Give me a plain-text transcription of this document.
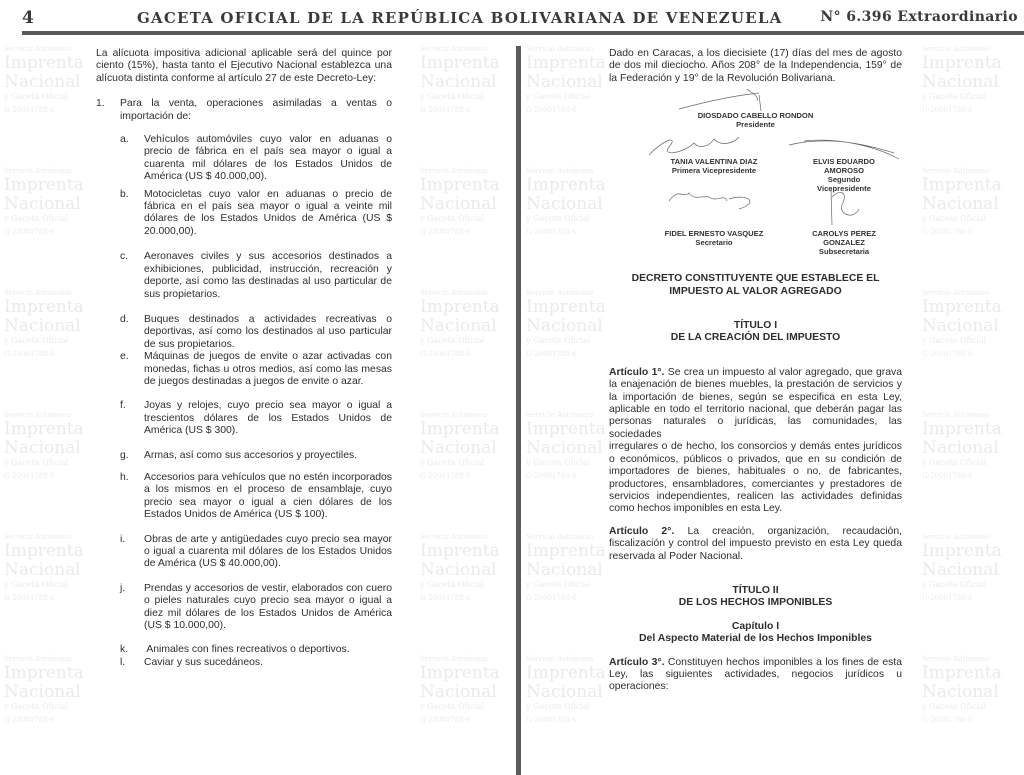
Servicio Autónomo
Imprenta
Nacional
y Gaceta Oficial
G-20001788-6
Servicio Autónomo
Imprenta
Nacional
y Gaceta Oficial
G-20001788-6
Servicio Autónomo
Imprenta
Nacional
y Gaceta Oficial
G-20001788-6
Servicio Autónomo
Imprenta
Nacional
y Gaceta Oficial
G-20001788-6
Servicio Autónomo
Imprenta
Nacional
y Gaceta Oficial
G-20001788-6
Servicio Autónomo
Imprenta
Nacional
y Gaceta Oficial
G-20001788-6
Servicio Autónomo
Imprenta
Nacional
y Gaceta Oficial
G-20001788-6
Servicio Autónomo
Imprenta
Nacional
y Gaceta Oficial
G-20001788-6
Servicio Autónomo
Imprenta
Nacional
y Gaceta Oficial
G-20001788-6
Servicio Autónomo
Imprenta
Nacional
y Gaceta Oficial
G-20001788-6
Servicio Autónomo
Imprenta
Nacional
y Gaceta Oficial
G-20001788-6
Servicio Autónomo
Imprenta
Nacional
y Gaceta Oficial
G-20001788-6
Servicio Autónomo
Imprenta
Nacional
y Gaceta Oficial
G-20001788-6
Servicio Autónomo
Imprenta
Nacional
y Gaceta Oficial
G-20001788-6
Servicio Autónomo
Imprenta
Nacional
y Gaceta Oficial
G-20001788-6
Servicio Autónomo
Imprenta
Nacional
y Gaceta Oficial
G-20001788-6
Servicio Autónomo
Imprenta
Nacional
y Gaceta Oficial
G-20001788-6
Servicio Autónomo
Imprenta
Nacional
y Gaceta Oficial
G-20001788-6
Servicio Autónomo
Imprenta
Nacional
y Gaceta Oficial
G-20001788-6
Servicio Autónomo
Imprenta
Nacional
y Gaceta Oficial
G-20001788-6
Servicio Autónomo
Imprenta
Nacional
y Gaceta Oficial
G-20001788-6
Servicio Autónomo
Imprenta
Nacional
y Gaceta Oficial
G-20001788-6
Servicio Autónomo
Imprenta
Nacional
y Gaceta Oficial
G-20001788-6
Servicio Autónomo
Imprenta
Nacional
y Gaceta Oficial
G-20001788-6
4	GACETA OFICIAL DE LA REPÚBLICA BOLIVARIANA DE VENEZUELA	N° 6.396 Extraordinario

La alícuota impositiva adicional aplicable será del quince por ciento (15%), hasta tanto el Ejecutivo Nacional establezca una alícuota distinta conforme al artículo 27 de este Decreto-Ley:

1. Para la venta, operaciones asimiladas a ventas o importación de:
a. Vehículos automóviles cuyo valor en aduanas o precio de fábrica en el país sea mayor o igual a cuarenta mil dólares de los Estados Unidos de América (US $ 40.000,00).
b. Motocicletas cuyo valor en aduanas o precio de fábrica en el país sea mayor o igual a veinte mil dólares de los Estados Unidos de América (US $ 20.000,00).
c. Aeronaves civiles y sus accesorios destinados a exhibiciones, publicidad, instrucción, recreación y deporte, así como las destinadas al uso particular de sus propietarios.
d. Buques destinados a actividades recreativas o deportivas, así como los destinados al uso particular de sus propietarios.
e. Máquinas de juegos de envite o azar activadas con monedas, fichas u otros medios, así como las mesas de juegos destinadas a juegos de envite o azar.
f. Joyas y relojes, cuyo precio sea mayor o igual a trescientos dólares de los Estados Unidos de América (US $ 300).
g. Armas, así como sus accesorios y proyectiles.
h. Accesorios para vehículos que no estén incorporados a los mismos en el proceso de ensamblaje, cuyo precio sea mayor o igual a cien dólares de los Estados Unidos de América (US $ 100).
i. Obras de arte y antigüedades cuyo precio sea mayor o igual a cuarenta mil dólares de los Estados Unidos de América (US $ 40.000,00).
j. Prendas y accesorios de vestir, elaborados con cuero o pieles naturales cuyo precio sea mayor o igual a diez mil dólares de los Estados Unidos de América (US $ 10.000,00).
k. Animales con fines recreativos o deportivos.
l. Caviar y sus sucedáneos.

Dado en Caracas, a los diecisiete (17) días del mes de agosto de dos mil dieciocho. Años 208° de la Independencia, 159° de la Federación y 19° de la Revolución Bolivariana.

DIOSDADO CABELLO RONDON
Presidente
TANIA VALENTINA DIAZ
Primera Vicepresidente
ELVIS EDUARDO
AMOROSO
Segundo
Vicepresidente
FIDEL ERNESTO VASQUEZ
Secretario
CAROLYS PEREZ
GONZALEZ
Subsecretaria
DECRETO CONSTITUYENTE QUE ESTABLECE EL
IMPUESTO AL VALOR AGREGADO
TÍTULO I
DE LA CREACIÓN DEL IMPUESTO

Artículo 1°. Se crea un impuesto al valor agregado, que grava la enajenación de bienes muebles, la prestación de servicios y la importación de bienes, según se especifica en esta Ley, aplicable en todo el territorio nacional, que deberán pagar las personas naturales o jurídicas, las comunidades, las sociedades

irregulares o de hecho, los consorcios y demás entes jurídicos o económicos, públicos o privados, que en su condición de importadores de bienes, habituales o no, de fabricantes, productores, ensambladores, comerciantes y prestadores de servicios independientes, realicen las actividades definidas como hechos imponibles en esta Ley.

Artículo 2°. La creación, organización, recaudación, fiscalización y control del impuesto previsto en esta Ley queda reservada al Poder Nacional.

TÍTULO II
DE LOS HECHOS IMPONIBLES
Capítulo I
Del Aspecto Material de los Hechos Imponibles

Artículo 3°. Constituyen hechos imponibles a los fines de esta Ley, las siguientes actividades, negocios jurídicos u operaciones:
